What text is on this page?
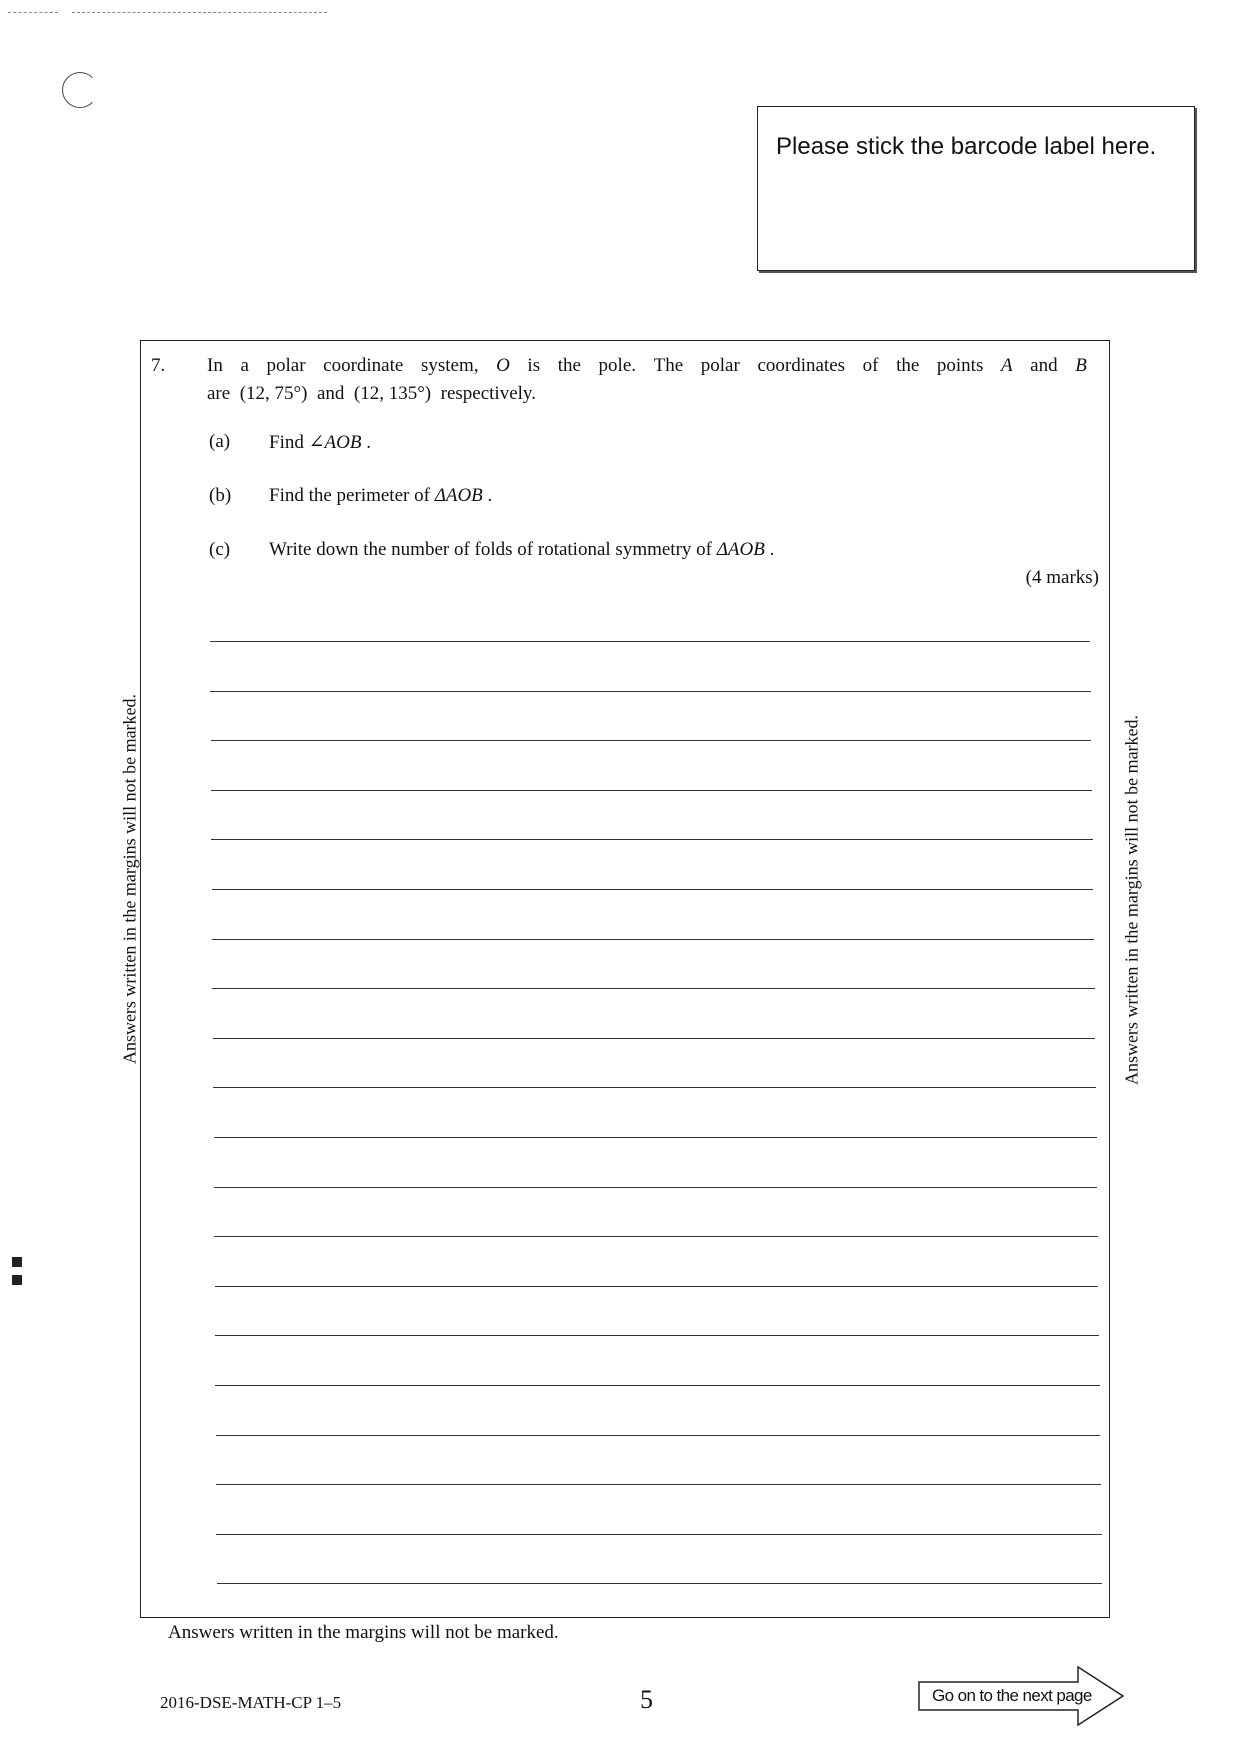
Please stick the barcode label here.
Answers written in the margins will not be marked.	Answers written in the margins will not be marked.
7. In a polar coordinate system, O is the pole. The polar coordinates of the points A and B
are  (12, 75°)  and  (12, 135°)  respectively.
(a) Find ∠AOB .
(b) Find the perimeter of ΔAOB .
(c) Write down the number of folds of rotational symmetry of ΔAOB .
(4 marks)
Answers written in the margins will not be marked.
2016-DSE-MATH-CP 1–5	5	Go on to the next page
